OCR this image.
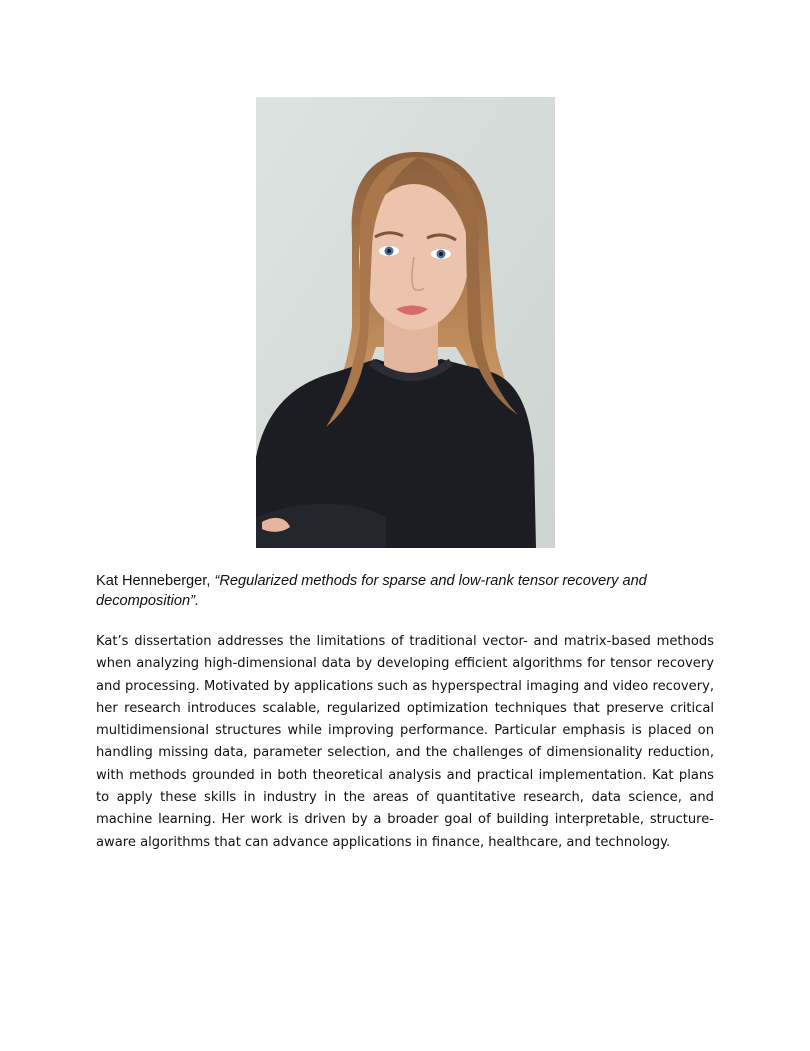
Kat Henneberger, “Regularized methods for sparse and low-rank tensor recovery and decomposition”.

Kat’s dissertation addresses the limitations of traditional vector- and matrix-based methods when analyzing high-dimensional data by developing efficient algorithms for tensor recovery and processing. Motivated by applications such as hyperspectral imaging and video recovery, her research introduces scalable, regularized optimization techniques that preserve critical multidimensional structures while improving performance. Particular emphasis is placed on handling missing data, parameter selection, and the challenges of dimensionality reduction, with methods grounded in both theoretical analysis and practical implementation. Kat plans to apply these skills in industry in the areas of quantitative research, data science, and machine learning. Her work is driven by a broader goal of building interpretable, structure-aware algorithms that can advance applications in finance, healthcare, and technology.
